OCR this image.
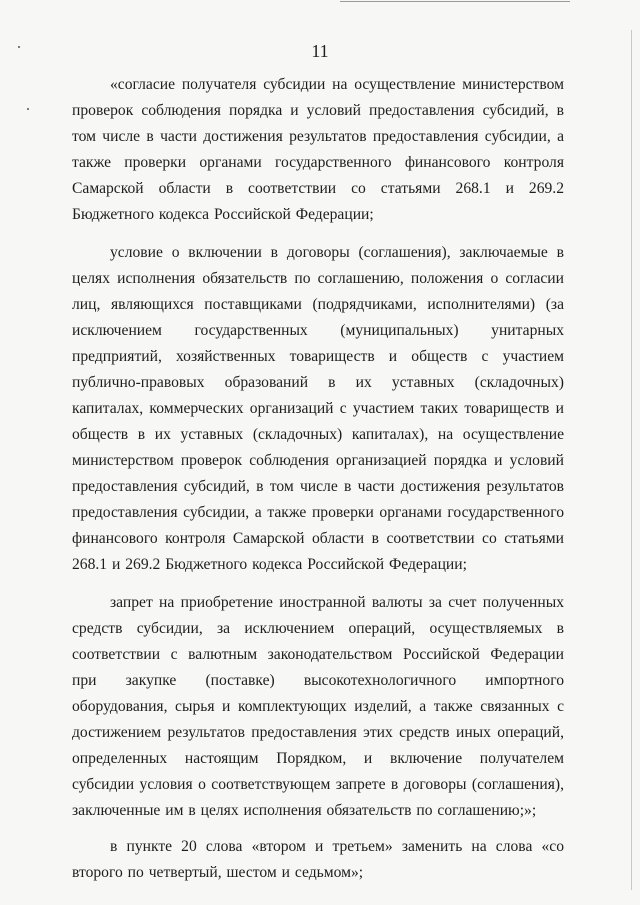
11

«согласие получателя субсидии на осуществление министерством проверок соблюдения порядка и условий предоставления субсидий, в том числе в части достижения результатов предоставления субсидии, а также проверки органами государственного финансового контроля Самарской области в соответствии со статьями 268.1 и 269.2 Бюджетного кодекса Российской Федерации;

условие о включении в договоры (соглашения), заключаемые в целях исполнения обязательств по соглашению, положения о согласии лиц, являющихся поставщиками (подрядчиками, исполнителями) (за исключением государственных (муниципальных) унитарных предприятий, хозяйственных товариществ и обществ с участием публично-правовых образований в их уставных (складочных) капиталах, коммерческих организаций с участием таких товариществ и обществ в их уставных (складочных) капиталах), на осуществление министерством проверок соблюдения организацией порядка и условий предоставления субсидий, в том числе в части достижения результатов предоставления субсидии, а также проверки органами государственного финансового контроля Самарской области в соответствии со статьями 268.1 и 269.2 Бюджетного кодекса Российской Федерации;

запрет на приобретение иностранной валюты за счет полученных средств субсидии, за исключением операций, осуществляемых в соответствии с валютным законодательством Российской Федерации при закупке (поставке) высокотехнологичного импортного оборудования, сырья и комплектующих изделий, а также связанных с достижением результатов предоставления этих средств иных операций, определенных настоящим Порядком, и включение получателем субсидии условия о соответствующем запрете в договоры (соглашения), заключенные им в целях исполнения обязательств по соглашению;»;

в пункте 20 слова «втором и третьем» заменить на слова «со второго по четвертый, шестом и седьмом»;
